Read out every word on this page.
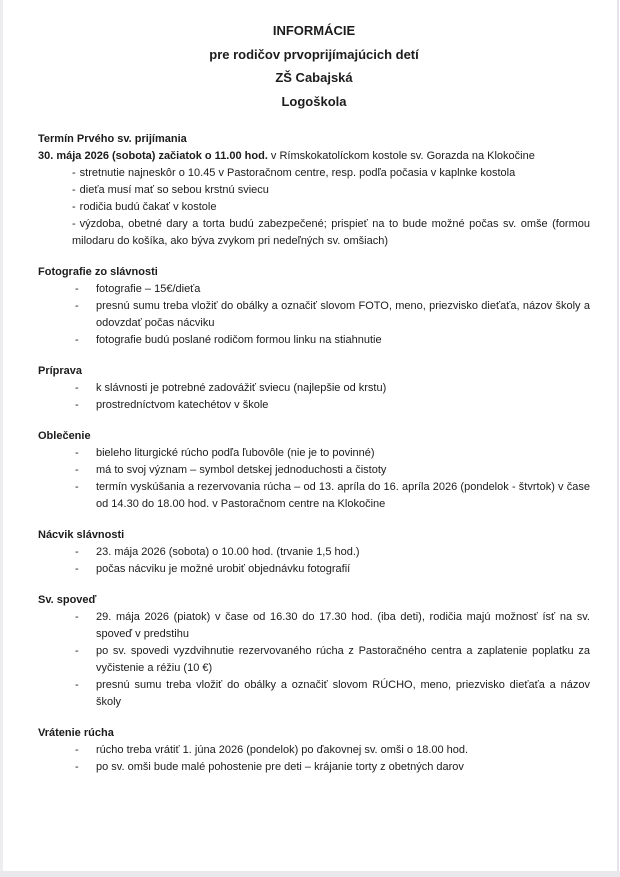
INFORMÁCIE
pre rodičov prvoprijímajúcich detí
ZŠ Cabajská
Logoškola
Termín Prvého sv. prijímania

30. mája 2026 (sobota) začiatok o 11.00 hod. v Rímskokatolíckom kostole sv. Gorazda na Klokočine

- stretnutie najneskôr o 10.45 v Pastoračnom centre, resp. podľa počasia v kaplnke kostola

- dieťa musí mať so sebou krstnú sviecu

- rodičia budú čakať v kostole

- výzdoba, obetné dary a torta budú zabezpečené; prispieť na to bude možné počas sv. omše (formou milodaru do košíka, ako býva zvykom pri nedeľných sv. omšiach)

Fotografie zo slávnosti
-	fotografie – 15€/dieťa
-	presnú sumu treba vložiť do obálky a označiť slovom FOTO, meno, priezvisko dieťaťa, názov školy a odovzdať počas nácviku
-	fotografie budú poslané rodičom formou linku na stiahnutie
Príprava
-	k slávnosti je potrebné zadovážiť sviecu (najlepšie od krstu)
-	prostredníctvom katechétov v škole
Oblečenie
-	bieleho liturgické rúcho podľa ľubovôle (nie je to povinné)
-	má to svoj význam – symbol detskej jednoduchosti a čistoty
-	termín vyskúšania a rezervovania rúcha – od 13. apríla do 16. apríla 2026 (pondelok - štvrtok) v čase od 14.30 do 18.00 hod. v Pastoračnom centre na Klokočine
Nácvik slávnosti
-	23. mája 2026 (sobota) o 10.00 hod. (trvanie 1,5 hod.)
-	počas nácviku je možné urobiť objednávku fotografií
Sv. spoveď
-	29. mája 2026 (piatok) v čase od 16.30 do 17.30 hod. (iba deti), rodičia majú možnosť ísť na sv. spoveď v predstihu
-	po sv. spovedi vyzdvihnutie rezervovaného rúcha z Pastoračného centra a zaplatenie poplatku za vyčistenie a réžiu (10 €)
-	presnú sumu treba vložiť do obálky a označiť slovom RÚCHO, meno, priezvisko dieťaťa a názov školy
Vrátenie rúcha
-	rúcho treba vrátiť 1. júna 2026 (pondelok) po ďakovnej sv. omši o 18.00 hod.
-	po sv. omši bude malé pohostenie pre deti – krájanie torty z obetných darov
